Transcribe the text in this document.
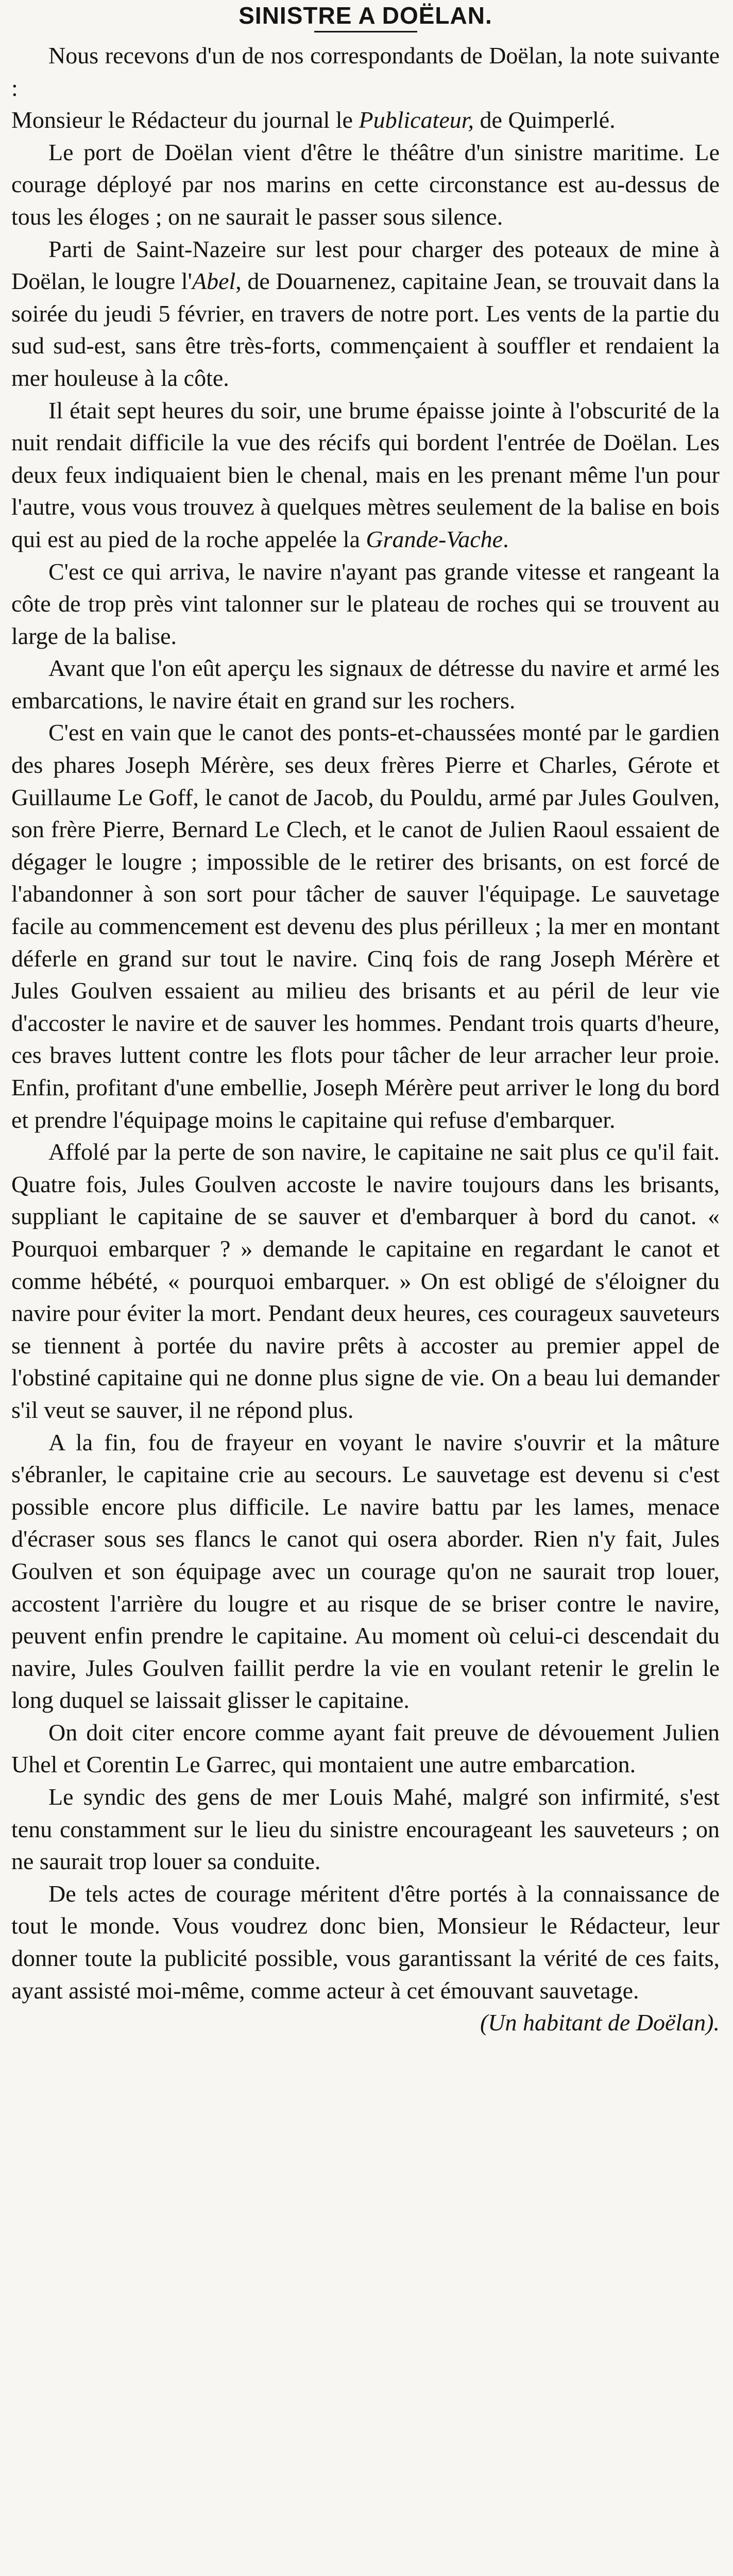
SINISTRE A DOËLAN.

Nous recevons d'un de nos correspondants de Doëlan, la note suivante :

Monsieur le Rédacteur du journal le Publicateur, de Quimperlé.

Le port de Doëlan vient d'être le théâtre d'un sinistre maritime. Le courage déployé par nos marins en cette circonstance est au-dessus de tous les éloges ; on ne saurait le passer sous silence.

Parti de Saint-Nazeire sur lest pour charger des poteaux de mine à Doëlan, le lougre l'Abel, de Douarnenez, capitaine Jean, se trouvait dans la soirée du jeudi 5 février, en travers de notre port. Les vents de la partie du sud sud-est, sans être très-forts, commençaient à souffler et rendaient la mer houleuse à la côte.

Il était sept heures du soir, une brume épaisse jointe à l'obscurité de la nuit rendait difficile la vue des récifs qui bordent l'entrée de Doëlan. Les deux feux indiquaient bien le chenal, mais en les prenant même l'un pour l'autre, vous vous trouvez à quelques mètres seulement de la balise en bois qui est au pied de la roche appelée la Grande-Vache.

C'est ce qui arriva, le navire n'ayant pas grande vitesse et rangeant la côte de trop près vint talonner sur le plateau de roches qui se trouvent au large de la balise.

Avant que l'on eût aperçu les signaux de détresse du navire et armé les embarcations, le navire était en grand sur les rochers.

C'est en vain que le canot des ponts-et-chaussées monté par le gardien des phares Joseph Mérère, ses deux frères Pierre et Charles, Gérote et Guillaume Le Goff, le canot de Jacob, du Pouldu, armé par Jules Goulven, son frère Pierre, Bernard Le Clech, et le canot de Julien Raoul essaient de dégager le lougre ; impossible de le retirer des brisants, on est forcé de l'abandonner à son sort pour tâcher de sauver l'équipage. Le sauvetage facile au commencement est devenu des plus périlleux ; la mer en montant déferle en grand sur tout le navire. Cinq fois de rang Joseph Mérère et Jules Goulven essaient au milieu des brisants et au péril de leur vie d'accoster le navire et de sauver les hommes. Pendant trois quarts d'heure, ces braves luttent contre les flots pour tâcher de leur arracher leur proie. Enfin, profitant d'une embellie, Joseph Mérère peut arriver le long du bord et prendre l'équipage moins le capitaine qui refuse d'embarquer.

Affolé par la perte de son navire, le capitaine ne sait plus ce qu'il fait. Quatre fois, Jules Goulven accoste le navire toujours dans les brisants, suppliant le capitaine de se sauver et d'embarquer à bord du canot. « Pourquoi embarquer ? » demande le capitaine en regardant le canot et comme hébété, « pourquoi embarquer. » On est obligé de s'éloigner du navire pour éviter la mort. Pendant deux heures, ces courageux sauveteurs se tiennent à portée du navire prêts à accoster au premier appel de l'obstiné capitaine qui ne donne plus signe de vie. On a beau lui demander s'il veut se sauver, il ne répond plus.

A la fin, fou de frayeur en voyant le navire s'ouvrir et la mâture s'ébranler, le capitaine crie au secours. Le sauvetage est devenu si c'est possible encore plus difficile. Le navire battu par les lames, menace d'écraser sous ses flancs le canot qui osera aborder. Rien n'y fait, Jules Goulven et son équipage avec un courage qu'on ne saurait trop louer, accostent l'arrière du lougre et au risque de se briser contre le navire, peuvent enfin prendre le capitaine. Au moment où celui-ci descendait du navire, Jules Goulven faillit perdre la vie en voulant retenir le grelin le long duquel se laissait glisser le capitaine.

On doit citer encore comme ayant fait preuve de dévouement Julien Uhel et Corentin Le Garrec, qui montaient une autre embarcation.

Le syndic des gens de mer Louis Mahé, malgré son infirmité, s'est tenu constamment sur le lieu du sinistre encourageant les sauveteurs ; on ne saurait trop louer sa conduite.

De tels actes de courage méritent d'être portés à la connaissance de tout le monde. Vous voudrez donc bien, Monsieur le Rédacteur, leur donner toute la publicité possible, vous garantissant la vérité de ces faits, ayant assisté moi-même, comme acteur à cet émouvant sauvetage.
(Un habitant de Doëlan).
